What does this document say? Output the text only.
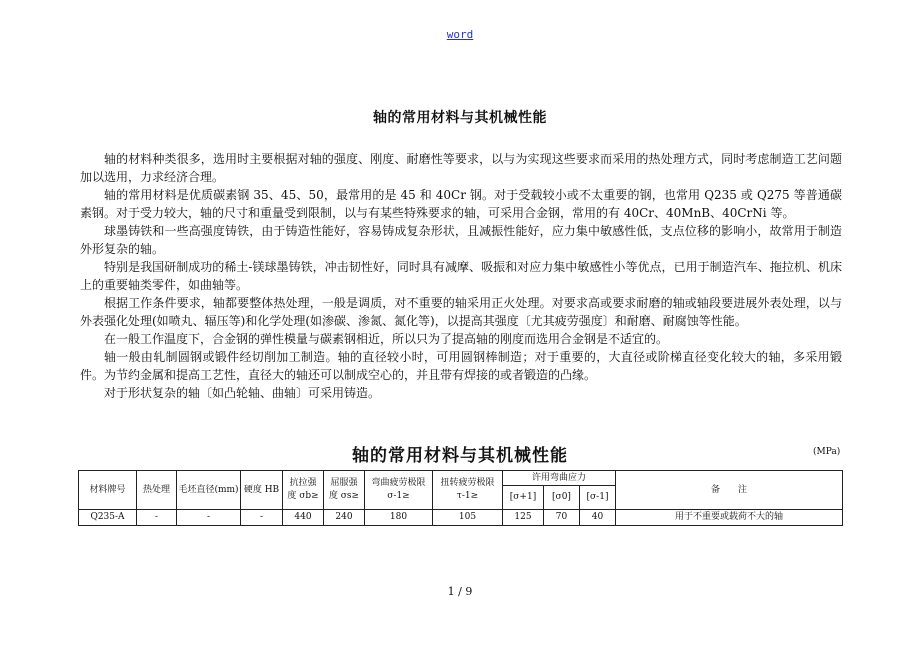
word
轴的常用材料与其机械性能

轴的材料种类很多，选用时主要根据对轴的强度、刚度、耐磨性等要求，以与为实现这些要求而采用的热处理方式，同时考虑制造工艺问题加以选用，力求经济合理。

轴的常用材料是优质碳素钢 35、45、50，最常用的是 45 和 40Cr 钢。对于受载较小或不太重要的钢，也常用 Q235 或 Q275 等普通碳素钢。对于受力较大，轴的尺寸和重量受到限制，以与有某些特殊要求的轴，可采用合金钢，常用的有 40Cr、40MnB、40CrNi 等。

球墨铸铁和一些高强度铸铁，由于铸造性能好，容易铸成复杂形状，且减振性能好，应力集中敏感性低，支点位移的影响小，故常用于制造外形复杂的轴。

特别是我国研制成功的稀土-镁球墨铸铁，冲击韧性好，同时具有减摩、吸振和对应力集中敏感性小等优点，已用于制造汽车、拖拉机、机床上的重要轴类零件，如曲轴等。

根据工作条件要求，轴都要整体热处理，一般是调质，对不重要的轴采用正火处理。对要求高或要求耐磨的轴或轴段要进展外表处理，以与外表强化处理(如喷丸、辐压等)和化学处理(如渗碳、渗氮、氮化等)，以提高其强度〔尤其疲劳强度〕和耐磨、耐腐蚀等性能。

在一般工作温度下，合金钢的弹性模量与碳素钢相近，所以只为了提高轴的刚度而选用合金钢是不适宜的。

轴一般由轧制圆钢或锻件经切削加工制造。轴的直径较小时，可用圆钢棒制造；对于重要的，大直径或阶梯直径变化较大的轴，多采用锻件。为节约金属和提高工艺性，直径大的轴还可以制成空心的，并且带有焊接的或者锻造的凸缘。

对于形状复杂的轴〔如凸轮轴、曲轴〕可采用铸造。

轴的常用材料与其机械性能	(MPa)
材料牌号	热处理	毛坯直径(mm)	硬度 HB	抗拉强
度 σb≥	屈服强
度 σs≥	弯曲疲劳极限
σ-1≥	扭转疲劳极限
τ-1≥	许用弯曲应力			备　　注
								[σ+1]	[σ0]	[σ-1]	
Q235-A	-	-	-	440	240	180	105	125	70	40	用于不重要或载荷不大的轴
1 / 9
